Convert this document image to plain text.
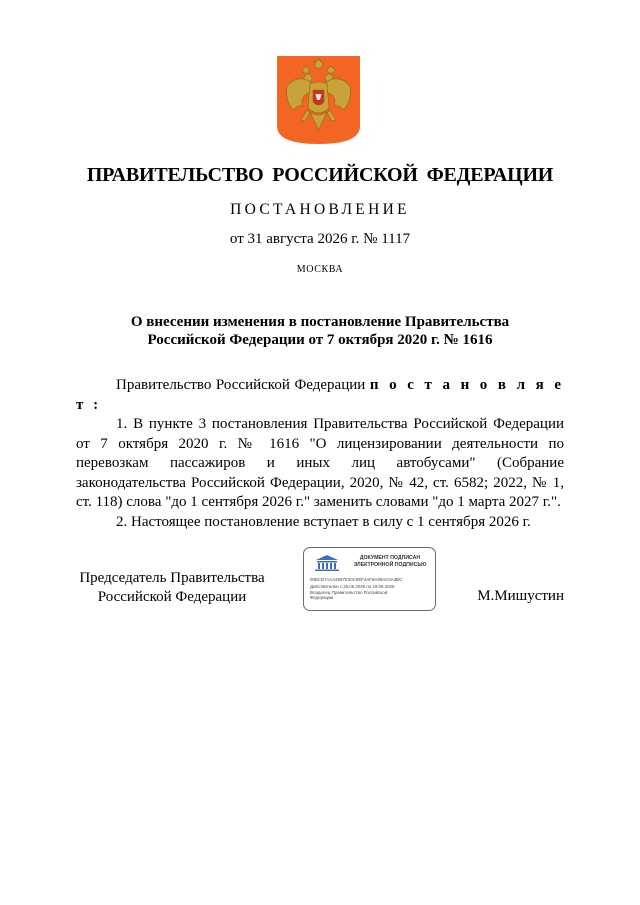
ПРАВИТЕЛЬСТВО РОССИЙСКОЙ ФЕДЕРАЦИИ
ПОСТАНОВЛЕНИЕ
от 31 августа 2026 г. № 1117
МОСКВА
О внесении изменения в постановление Правительства
Российской Федерации от 7 октября 2020 г. № 1616

Правительство Российской Федерации п о с т а н о в л я е т :

1. В пункте 3 постановления Правительства Российской Федерации от 7 октября 2020 г. № 1616 "О лицензировании деятельности по перевозкам пассажиров и иных лиц автобусами" (Собрание законодательства Российской Федерации, 2020, № 42, ст. 6582; 2022, № 1, ст. 118) слова "до 1 сентября 2026 г." заменить словами "до 1 марта 2027 г.".

2. Настоящее постановление вступает в силу с 1 сентября 2026 г.

Председатель Правительства
Российской Федерации
ДОКУМЕНТ ПОДПИСАН
ЭЛЕКТРОННОЙ ПОДПИСЬЮ
00BCB7AAA2097E20C0EF4AF8A99AC0A3BC
Действителен с 26.06.2025 по 19.09.2026
Владелец Правительство Российской
Федерации	М.Мишустин
